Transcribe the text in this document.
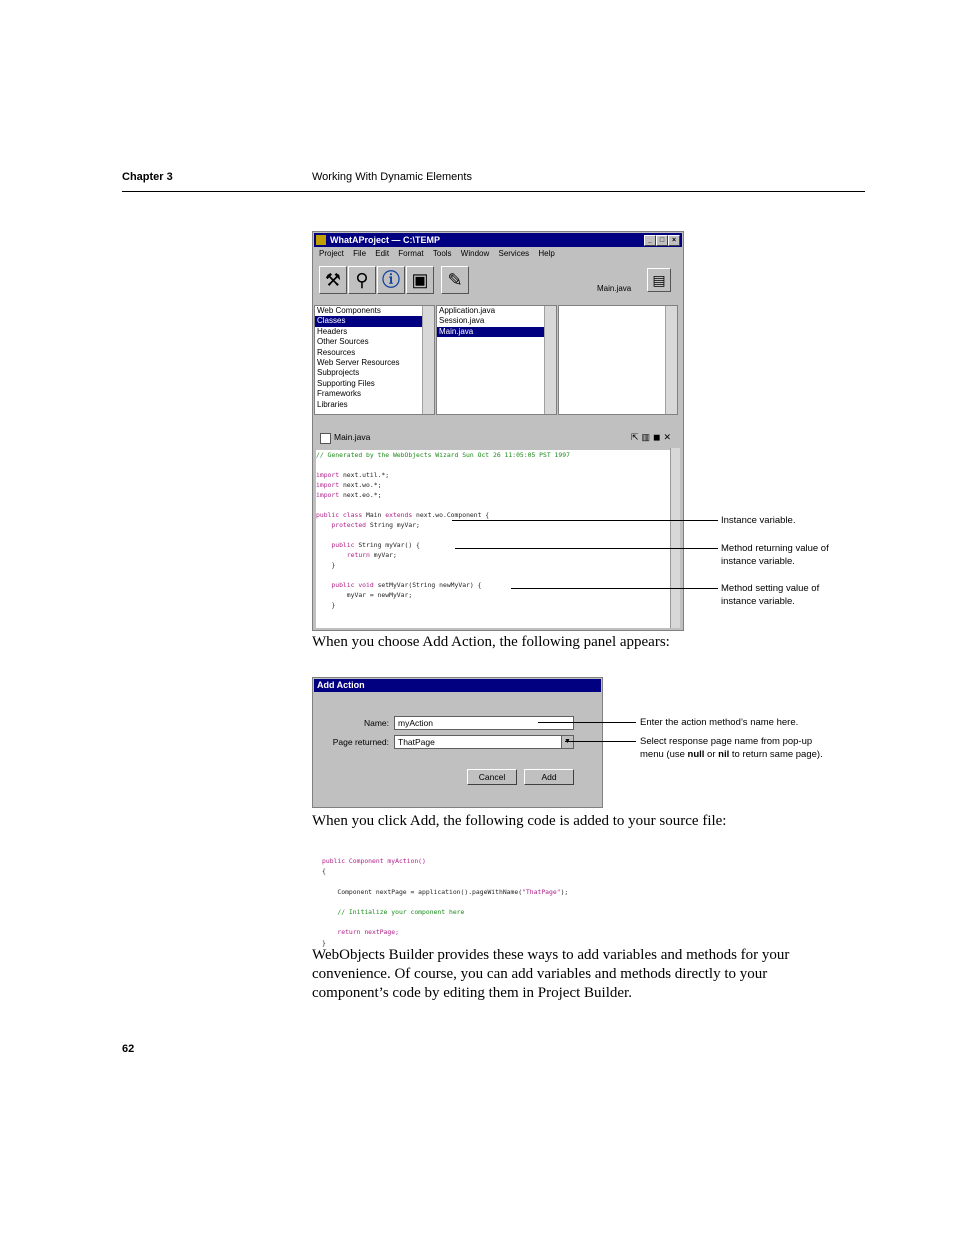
Chapter 3	Working With Dynamic Elements
WhatAProject — C:\TEMP	_	□	×
Project File Edit Format Tools Window Services Help
⚒ ⚲ ⓘ ▣	✎	Main.java
▤
Web Components
Classes
Headers
Other Sources
Resources
Web Server Resources
Subprojects
Supporting Files
Frameworks
Libraries
Application.java
Session.java
Main.java
Main.java	⇱▥◼✕
// Generated by the WebObjects Wizard Sun Oct 26 11:05:05 PST 1997

import next.util.*;
import next.wo.*;
import next.eo.*;

public class Main extends next.wo.Component {
protected String myVar;

public String myVar() {
return myVar;
}

public void setMyVar(String newMyVar) {
myVar = newMyVar;
}
Instance variable.
Method returning value of
instance variable.
Method setting value of
instance variable.
When you choose Add Action, the following panel appears:
Add Action
Name:	myAction
Page returned:	ThatPage
Cancel	Add
Enter the action method’s name here.
Select response page name from pop-up
menu (use null or nil to return same page).
When you click Add, the following code is added to your source file:
public Component myAction()
{

Component nextPage = application().pageWithName("ThatPage");

// Initialize your component here

return nextPage;
}
WebObjects Builder provides these ways to add variables and methods for your
convenience. Of course, you can add variables and methods directly to your
component’s code by editing them in Project Builder.
62
